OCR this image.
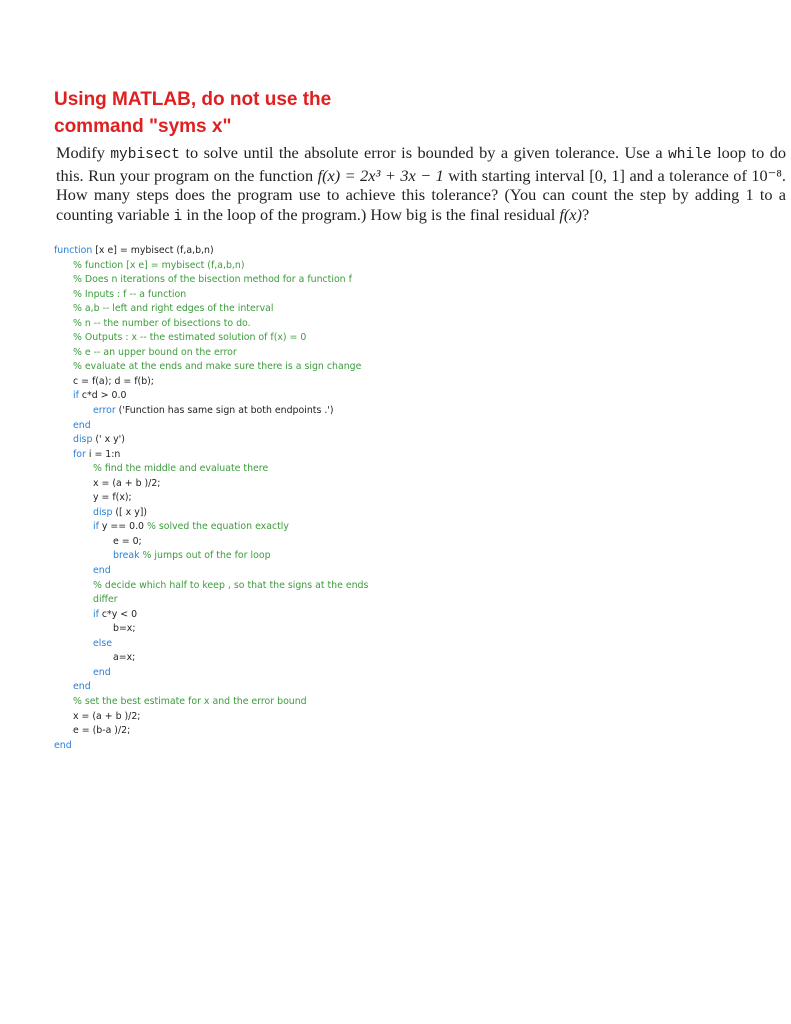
Using MATLAB, do not use the
command "syms x"
Modify mybisect to solve until the absolute error is bounded by a given tolerance. Use a while loop to do this. Run your program on the function f(x) = 2x³ + 3x − 1 with starting interval [0, 1] and a tolerance of 10⁻⁸. How many steps does the program use to achieve this tolerance? (You can count the step by adding 1 to a counting variable i in the loop of the program.) How big is the final residual f(x)?
function [x e] = mybisect (f,a,b,n)
% function [x e] = mybisect (f,a,b,n)
% Does n iterations of the bisection method for a function f
% Inputs : f -- a function
% a,b -- left and right edges of the interval
% n -- the number of bisections to do.
% Outputs : x -- the estimated solution of f(x) = 0
% e -- an upper bound on the error
% evaluate at the ends and make sure there is a sign change
c = f(a); d = f(b);
if c*d > 0.0
error ('Function has same sign at both endpoints .')
end
disp (' x y')
for i = 1:n
% find the middle and evaluate there
x = (a + b )/2;
y = f(x);
disp ([ x y])
if y == 0.0 % solved the equation exactly
e = 0;
break % jumps out of the for loop
end
% decide which half to keep , so that the signs at the ends
differ
if c*y < 0
b=x;
else
a=x;
end
end
% set the best estimate for x and the error bound
x = (a + b )/2;
e = (b-a )/2;
end
